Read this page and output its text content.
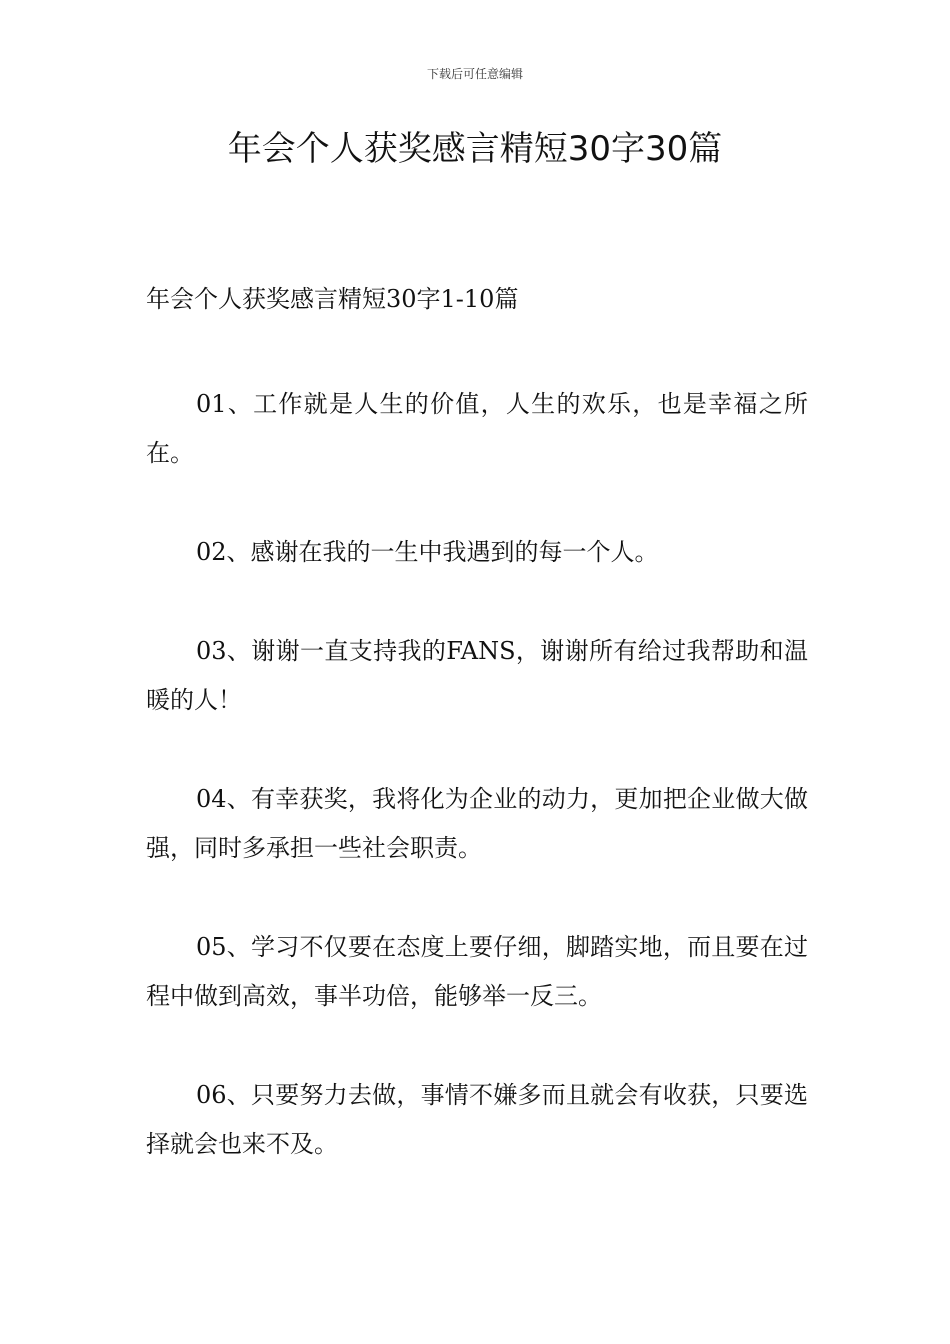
下载后可任意编辑
年会个人获奖感言精短30字30篇
年会个人获奖感言精短30字1-10篇

01、工作就是人生的价值，人生的欢乐，也是幸福之所在。

02、感谢在我的一生中我遇到的每一个人。

03、谢谢一直支持我的FANS，谢谢所有给过我帮助和温暖的人！

04、有幸获奖，我将化为企业的动力，更加把企业做大做强，同时多承担一些社会职责。

05、学习不仅要在态度上要仔细，脚踏实地，而且要在过程中做到高效，事半功倍，能够举一反三。

06、只要努力去做，事情不嫌多而且就会有收获，只要选择就会也来不及。
